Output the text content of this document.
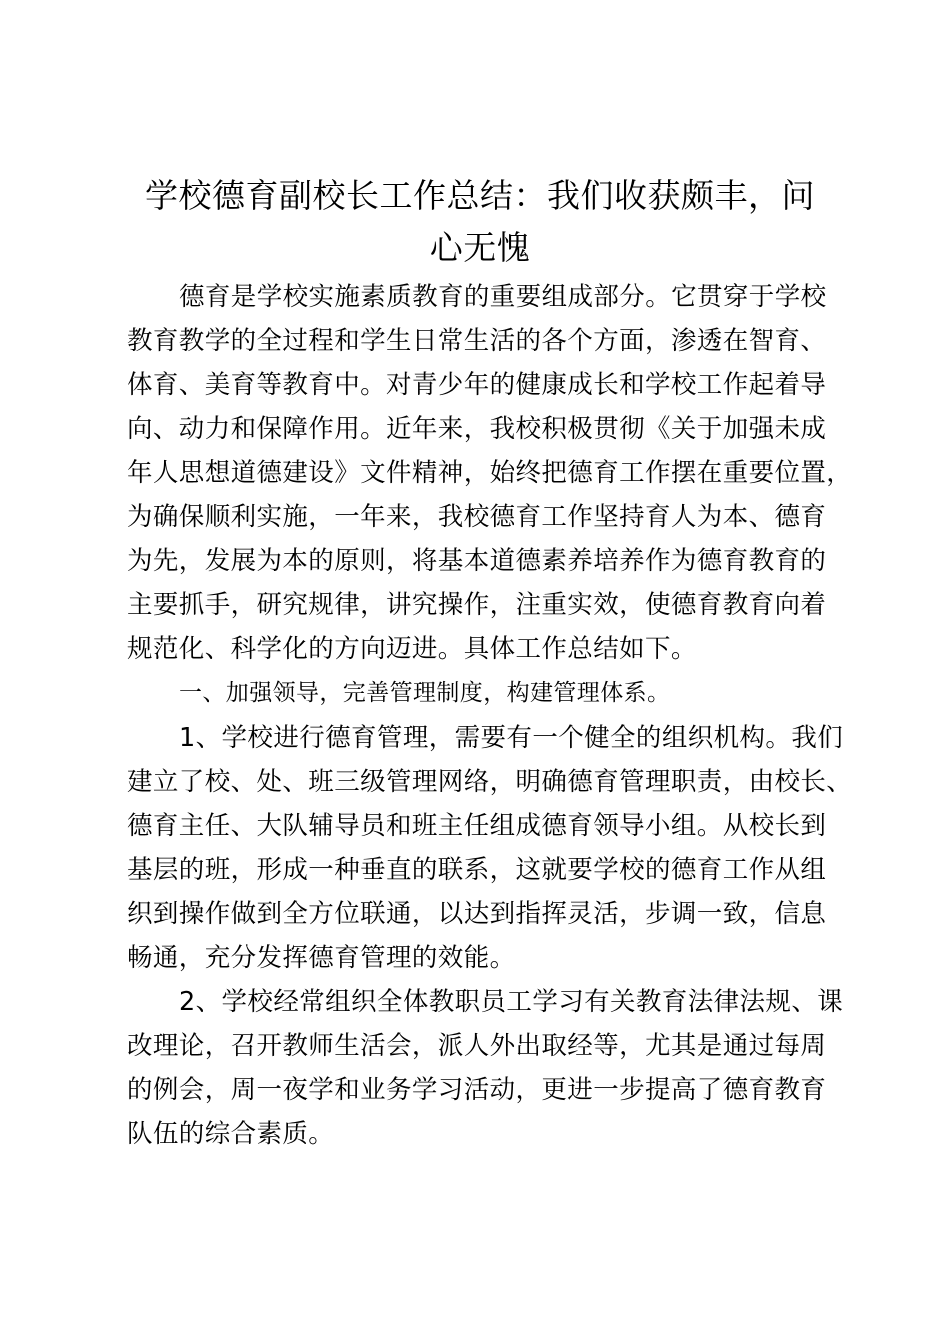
学校德育副校长工作总结：我们收获颇丰，问
心无愧
德育是学校实施素质教育的重要组成部分。它贯穿于学校
教育教学的全过程和学生日常生活的各个方面，渗透在智育、
体育、美育等教育中。对青少年的健康成长和学校工作起着导
向、动力和保障作用。近年来，我校积极贯彻《关于加强未成
年人思想道德建设》文件精神，始终把德育工作摆在重要位置，
为确保顺利实施，一年来，我校德育工作坚持育人为本、德育
为先，发展为本的原则，将基本道德素养培养作为德育教育的
主要抓手，研究规律，讲究操作，注重实效，使德育教育向着
规范化、科学化的方向迈进。具体工作总结如下。
一、加强领导，完善管理制度，构建管理体系。
1、学校进行德育管理，需要有一个健全的组织机构。我们
建立了校、处、班三级管理网络，明确德育管理职责，由校长、
德育主任、大队辅导员和班主任组成德育领导小组。从校长到
基层的班，形成一种垂直的联系，这就要学校的德育工作从组
织到操作做到全方位联通，以达到指挥灵活，步调一致，信息
畅通，充分发挥德育管理的效能。
2、学校经常组织全体教职员工学习有关教育法律法规、课
改理论，召开教师生活会，派人外出取经等，尤其是通过每周
的例会，周一夜学和业务学习活动，更进一步提高了德育教育
队伍的综合素质。
